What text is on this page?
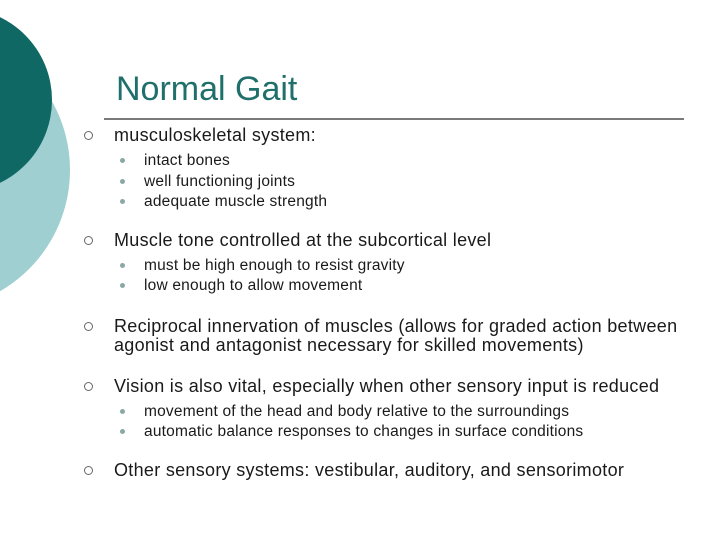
Normal Gait
musculoskeletal system:
intact bones
well functioning joints
adequate muscle strength
Muscle tone controlled at the subcortical level
must be high enough to resist gravity
low enough to allow movement
Reciprocal innervation of muscles (allows for graded action between agonist and antagonist necessary for skilled movements)
Vision is also vital, especially when other sensory input is reduced
movement of the head and body relative to the surroundings
automatic balance responses to changes in surface conditions
Other sensory systems: vestibular, auditory, and sensorimotor
